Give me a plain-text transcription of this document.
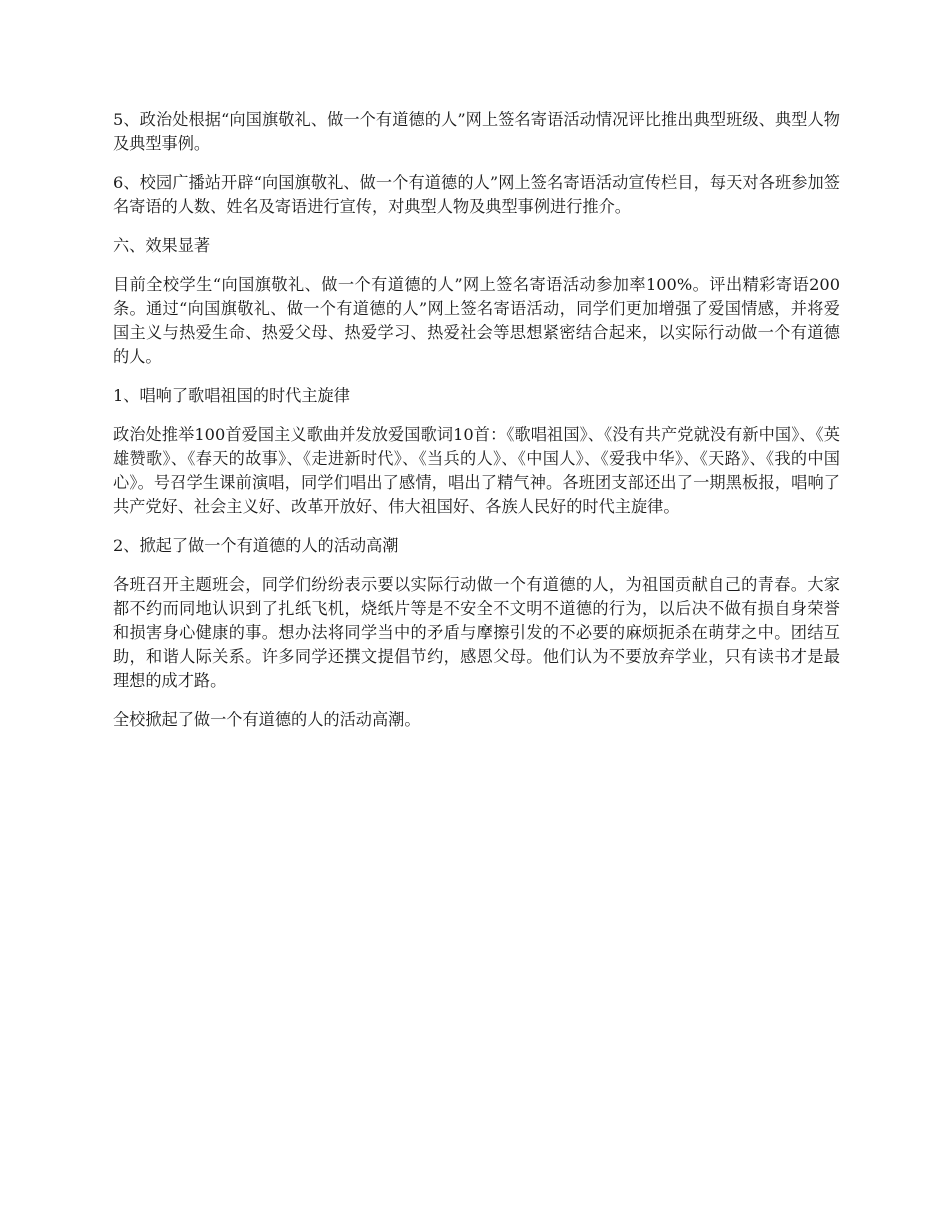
5、政治处根据“向国旗敬礼、做一个有道德的人”网上签名寄语活动情况评比推出典型班级、典型人物及典型事例。

6、校园广播站开辟“向国旗敬礼、做一个有道德的人”网上签名寄语活动宣传栏目，每天对各班参加签名寄语的人数、姓名及寄语进行宣传，对典型人物及典型事例进行推介。

六、效果显著

目前全校学生“向国旗敬礼、做一个有道德的人”网上签名寄语活动参加率100%。评出精彩寄语200条。通过“向国旗敬礼、做一个有道德的人”网上签名寄语活动，同学们更加增强了爱国情感，并将爱国主义与热爱生命、热爱父母、热爱学习、热爱社会等思想紧密结合起来，以实际行动做一个有道德的人。

1、唱响了歌唱祖国的时代主旋律

政治处推举100首爱国主义歌曲并发放爱国歌词10首：《歌唱祖国》、《没有共产党就没有新中国》、《英雄赞歌》、《春天的故事》、《走进新时代》、《当兵的人》、《中国人》、《爱我中华》、《天路》、《我的中国心》。号召学生课前演唱，同学们唱出了感情，唱出了精气神。各班团支部还出了一期黑板报，唱响了共产党好、社会主义好、改革开放好、伟大祖国好、各族人民好的时代主旋律。

2、掀起了做一个有道德的人的活动高潮

各班召开主题班会，同学们纷纷表示要以实际行动做一个有道德的人，为祖国贡献自己的青春。大家都不约而同地认识到了扎纸飞机，烧纸片等是不安全不文明不道德的行为，以后决不做有损自身荣誉和损害身心健康的事。想办法将同学当中的矛盾与摩擦引发的不必要的麻烦扼杀在萌芽之中。团结互助，和谐人际关系。许多同学还撰文提倡节约，感恩父母。他们认为不要放弃学业，只有读书才是最理想的成才路。

全校掀起了做一个有道德的人的活动高潮。
